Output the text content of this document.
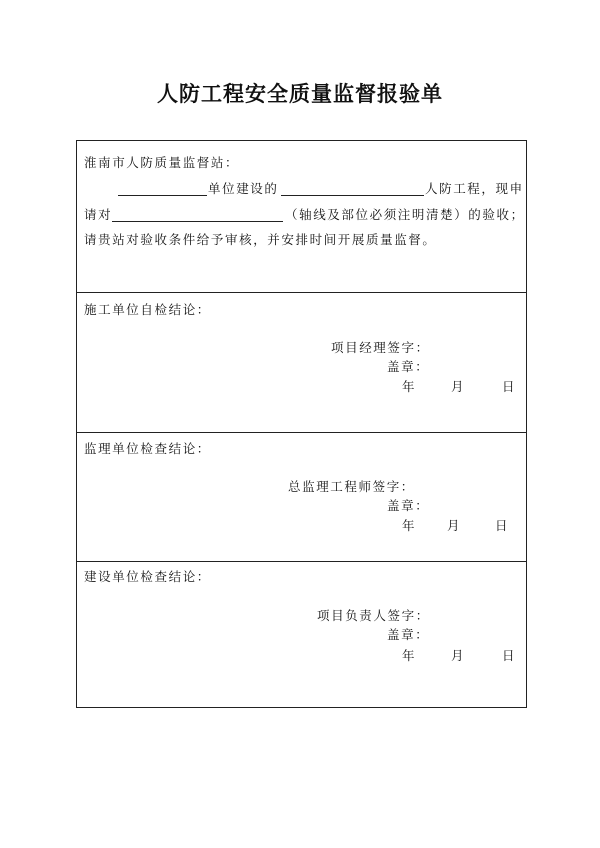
人防工程安全质量监督报验单
淮南市人防质量监督站：
单位建设的	人防工程，现申
请对	（轴线及部位必须注明清楚）的验收；
请贵站对验收条件给予审核，并安排时间开展质量监督。
施工单位自检结论：
项目经理签字：
盖章：
年	月	日
监理单位检查结论：
总监理工程师签字：
盖章：
年	月	日
建设单位检查结论：
项目负责人签字：
盖章：
年	月	日
